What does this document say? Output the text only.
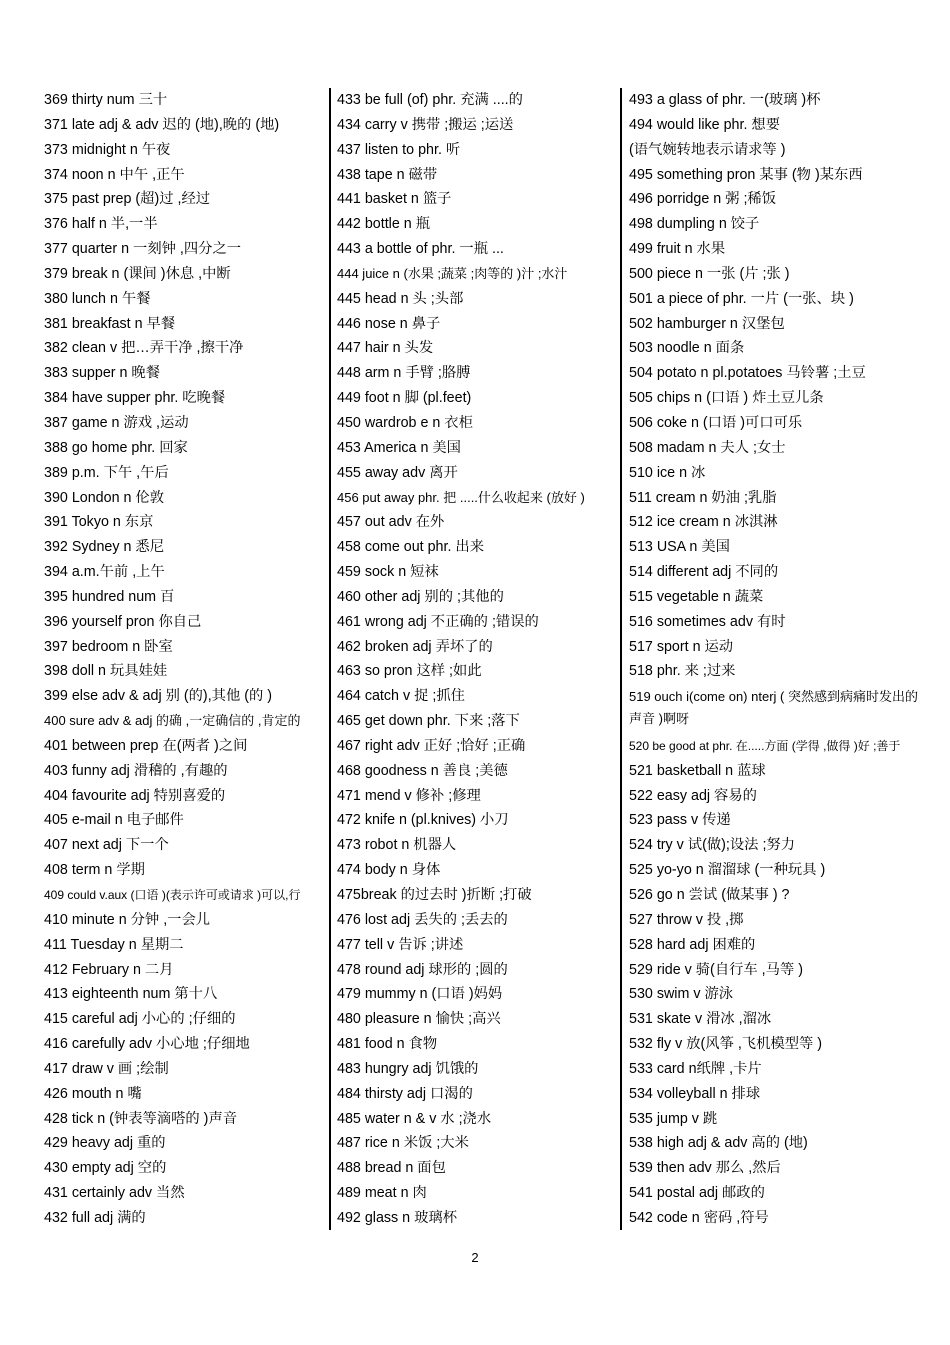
369 thirty num 三十
371 late adj & adv 迟的 (地),晚的 (地)
373 midnight n 午夜
374 noon n 中午 ,正午
375 past prep (超)过 ,经过
376 half n 半,一半
377 quarter n 一刻钟 ,四分之一
379 break n (课间 )休息 ,中断
380 lunch n 午餐
381 breakfast n 早餐
382 clean v 把…弄干净 ,擦干净
383 supper n 晚餐
384 have supper phr. 吃晚餐
387 game n 游戏 ,运动
388 go home phr. 回家
389 p.m. 下午 ,午后
390 London n 伦敦
391 Tokyo n 东京
392 Sydney n 悉尼
394 a.m.午前 ,上午
395 hundred num 百
396 yourself pron 你自己
397 bedroom n 卧室
398 doll n 玩具娃娃
399 else adv & adj 别 (的),其他 (的 )
400 sure adv & adj 的确 ,一定确信的 ,肯定的
401 between prep 在(两者 )之间
403 funny adj 滑稽的 ,有趣的
404 favourite adj 特别喜爱的
405 e-mail n 电子邮件
407 next adj 下一个
408 term n 学期
409 could v.aux (口语 )(表示许可或请求 )可以,行
410 minute n 分钟 ,一会儿
411 Tuesday n 星期二
412 February n 二月
413 eighteenth num 第十八
415 careful adj 小心的 ;仔细的
416 carefully adv 小心地 ;仔细地
417 draw v 画 ;绘制
426 mouth n 嘴
428 tick n (钟表等滴嗒的 )声音
429 heavy adj 重的
430 empty adj 空的
431 certainly adv 当然
432 full adj 满的
433 be full (of) phr. 充满 ....的
434 carry v 携带 ;搬运 ;运送
437 listen to phr. 听
438 tape n 磁带
441 basket n 篮子
442 bottle n 瓶
443 a bottle of phr. 一瓶 ...
444 juice n (水果 ;蔬菜 ;肉等的 )汁 ;水汁
445 head n 头 ;头部
446 nose n 鼻子
447 hair n 头发
448 arm n 手臂 ;胳膊
449 foot n 脚 (pl.feet)
450 wardrob e n 衣柜
453 America n 美国
455 away adv 离开
456 put away phr. 把 .....什么收起来 (放好 )
457 out adv 在外
458 come out phr. 出来
459 sock n 短袜
460 other adj 别的 ;其他的
461 wrong adj 不正确的 ;错误的
462 broken adj 弄坏了的
463 so pron 这样 ;如此
464 catch v 捉 ;抓住
465 get down phr. 下来 ;落下
467 right adv 正好 ;恰好 ;正确
468 goodness n 善良 ;美德
471 mend v 修补 ;修理
472 knife n (pl.knives) 小刀
473 robot n 机器人
474 body n 身体
475break 的过去时 )折断 ;打破
476 lost adj 丢失的 ;丢去的
477 tell v 告诉 ;讲述
478 round adj 球形的 ;圆的
479 mummy n (口语 )妈妈
480 pleasure n 愉快 ;高兴
481 food n 食物
483 hungry adj 饥饿的
484 thirsty adj 口渴的
485 water n & v 水 ;浇水
487 rice n 米饭 ;大米
488 bread n 面包
489 meat n 肉
492 glass n 玻璃杯
493 a glass of phr. 一(玻璃 )杯
494 would like phr. 想要
(语气婉转地表示请求等 )
495 something pron 某事 (物 )某东西
496 porridge n 粥 ;稀饭
498 dumpling n 饺子
499 fruit n 水果
500 piece n 一张 (片 ;张 )
501 a piece of phr. 一片 (一张、块 )
502 hamburger n 汉堡包
503 noodle n 面条
504 potato n pl.potatoes 马铃薯 ;土豆
505 chips n (口语 ) 炸土豆儿条
506 coke n (口语 )可口可乐
508 madam n 夫人 ;女士
510 ice n 冰
511 cream n 奶油 ;乳脂
512 ice cream n 冰淇淋
513 USA n 美国
514 different adj 不同的
515 vegetable n 蔬菜
516 sometimes adv 有时
517 sport n 运动
518 phr. 来 ;过来
519 ouch i(come on) nterj ( 突然感到病痛时发出的声音 )啊呀
520 be good at phr. 在.....方面 (学得 ,做得 )好 ;善于
521 basketball n 蓝球
522 easy adj 容易的
523 pass v 传递
524 try v 试(做);设法 ;努力
525 yo-yo n 溜溜球 (一种玩具 )
526 go n 尝试 (做某事 ) ?
527 throw v 投 ,掷
528 hard adj 困难的
529 ride v 骑(自行车 ,马等 )
530 swim v 游泳
531 skate v 滑冰 ,溜冰
532 fly v 放(风筝 ,飞机模型等 )
533 card n纸牌 ,卡片
534 volleyball n 排球
535 jump v 跳
538 high adj & adv 高的 (地)
539 then adv 那么 ,然后
541 postal adj 邮政的
542 code n 密码 ,符号
2
